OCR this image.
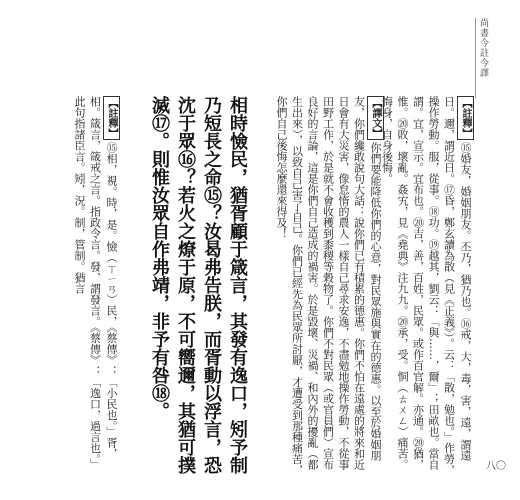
尚書今註今譯
【註釋】⑮婚友，婚姻朋友。丕乃，猶乃也。⑯戒，大，毒，害，遠，謂遠日。邇，謂近日。⑰昏，鄭玄讀為散（見《正義》）。云：「散，勉也。」作勞，操作勞動。服，從事。⑱功。⑲越其，劉云：「與……，爾」；田畝也。當自謂。宜，宣示。宜布也。⑳吉，善，百姓，民眾。或作百官解。亦通。⑳猶，惟。⑳敗，壞亂。姦宄，見《堯典》注九九。⑳承，受。恫（ㄊㄨㄥ）痛苦。悔身，自身後悔。
【譯文】你們要能降低你們的心意，對民眾施與實在的德惠。以至於婚姻朋友，你們纔敢說句大話：說你們已有積累的德惠。你們不怕在遠處的將來和近日會有大災害，像怠惰的農人一樣自己尋求安逸，不盡勉地操作勞動，不從事田野工作，於是就不會收穫到黍稷等穀物了。你們不對民眾（或官員們）宣布良好的言論，這是你們自己造成的禍害。於是毀壞、災禍、和內外的擾亂（都生出來），以致自己害了自己。你們已經先為民眾所討厭，才遭受到那種痛苦，你們自己後悔怎麼還來得及！
相時憸民，猶胥顧于箴言，其發有逸口，矧予制乃短長之命⑮？汝曷弗告朕，而胥動以浮言，恐沈于眾⑯？若火之燎于原，不可嚮邇，其猶可撲滅⑰。則惟汝眾自作弗靖，非予有咎⑱。
【註釋】⑮相，視。時，是。憸（ㄒㄧㄢ）民，《蔡傳》：「小民也。」胥，相。箴言，箴戒之言。指政令言。發，謂發言。《蔡傳》：「逸口，過言也。」此句指諸臣言。矧，況。制，管制。猶言
八〇
